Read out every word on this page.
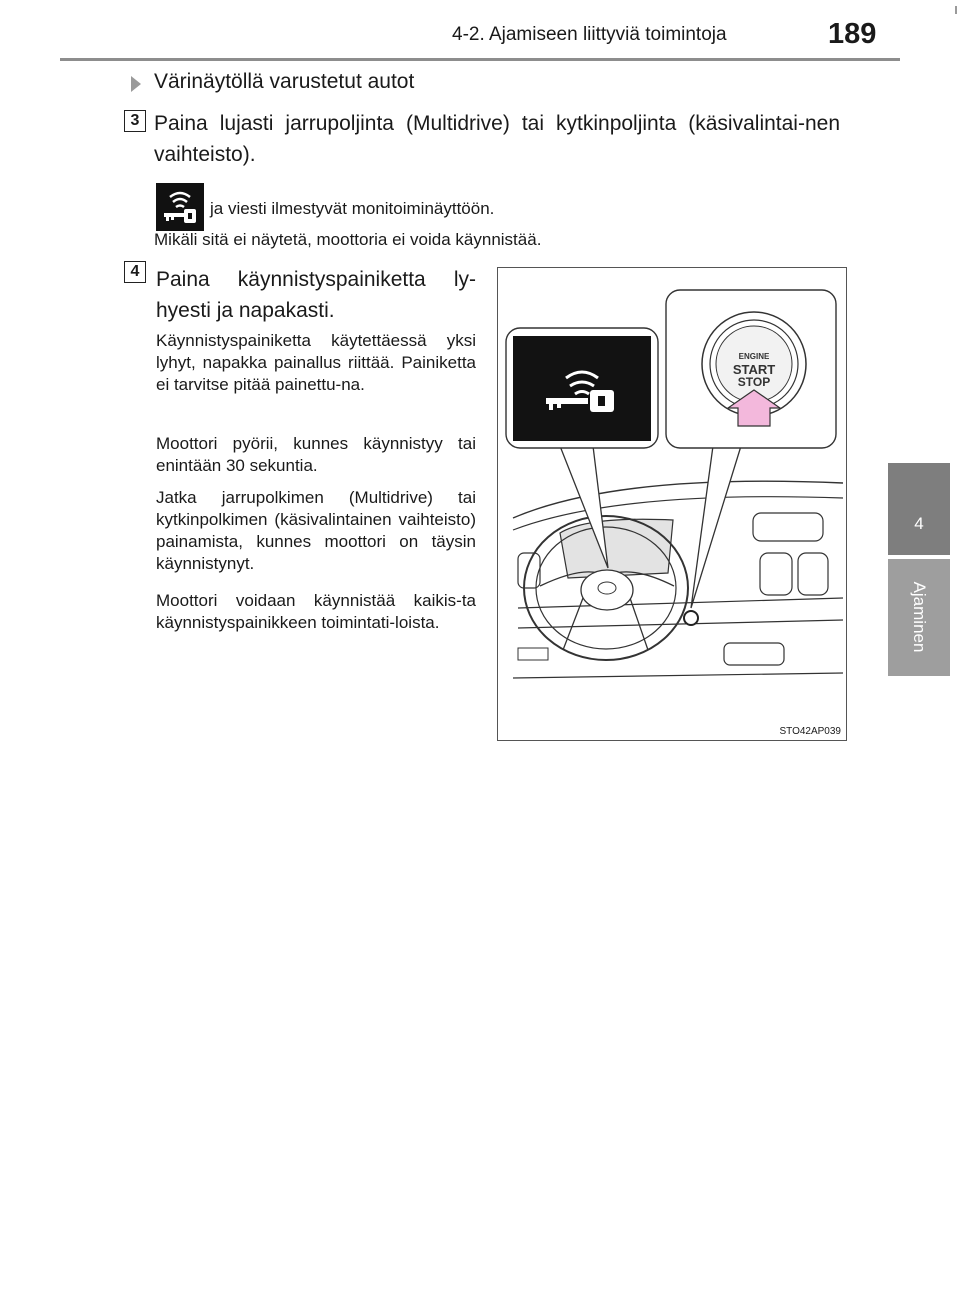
4-2. Ajamiseen liittyviä toimintoja	189
4
Ajaminen
Värinäytöllä varustetut autot
3 Paina lujasti jarrupoljinta (Multidrive) tai kytkinpoljinta (käsivalintai-nen vaihteisto).
ja viesti ilmestyvät monitoiminäyttöön.
Mikäli sitä ei näytetä, moottoria ei voida käynnistää.
4 Paina käynnistyspainiketta ly-hyesti ja napakasti.
Käynnistyspainiketta käytettäessä yksi lyhyt, napakka painallus riittää. Painiketta ei tarvitse pitää painettu-na.
Moottori pyörii, kunnes käynnistyy tai enintään 30 sekuntia.
Jatka jarrupolkimen (Multidrive) tai kytkinpolkimen (käsivalintainen vaihteisto) painamista, kunnes moottori on täysin käynnistynyt.
Moottori voidaan käynnistää kaikis-ta käynnistyspainikkeen toimintati-loista.
ENGINE
START
STOP
STO42AP039
